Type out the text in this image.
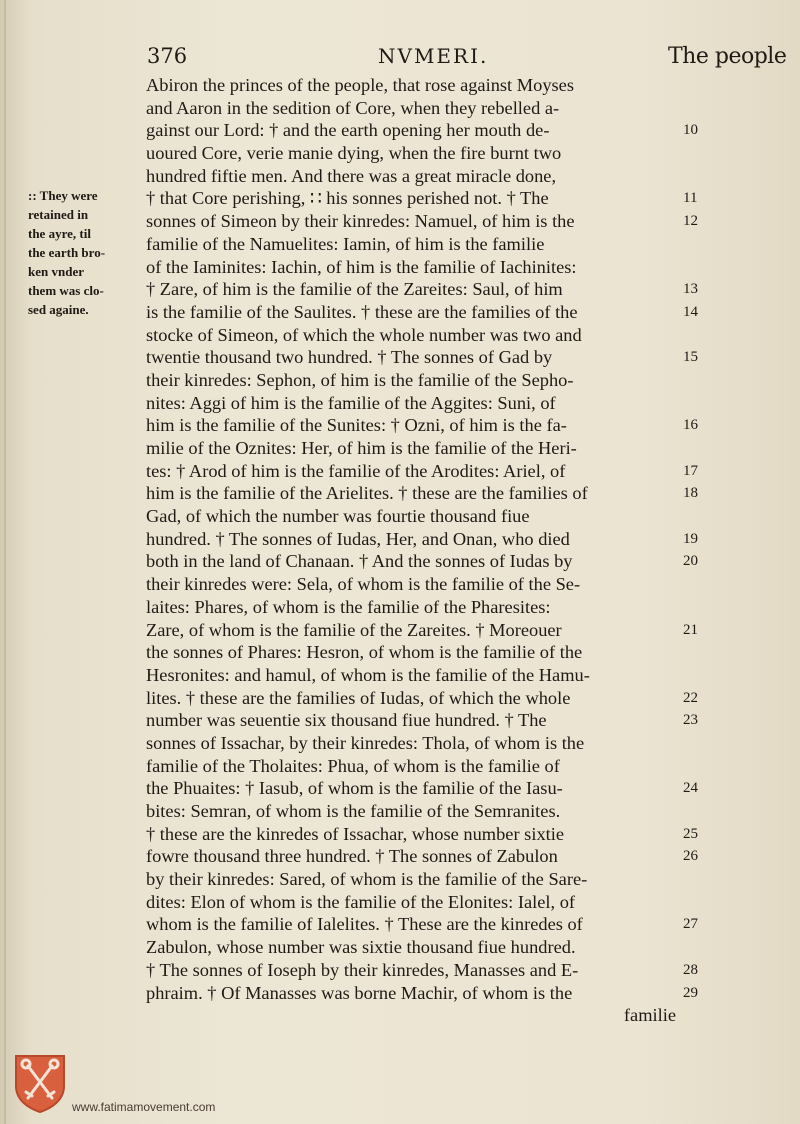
376	NVMERI.	The people
:: They were
retained in
the ayre, til
the earth bro-
ken vnder
them was clo-
sed againe.
Abiron the princes of the people, that rose against Moyses
and Aaron in the sedition of Core, when they rebelled a-
gainst our Lord: † and the earth opening her mouth de-
uoured Core, verie manie dying, when the fire burnt two
hundred fiftie men. And there was a great miracle done,
† that Core perishing, ∷ his sonnes perished not. † The
sonnes of Simeon by their kinredes: Namuel, of him is the
familie of the Namuelites: Iamin, of him is the familie
of the Iaminites: Iachin, of him is the familie of Iachinites:
† Zare, of him is the familie of the Zareites: Saul, of him
is the familie of the Saulites. † these are the families of the
stocke of Simeon, of which the whole number was two and
twentie thousand two hundred. † The sonnes of Gad by
their kinredes: Sephon, of him is the familie of the Sepho-
nites: Aggi of him is the familie of the Aggites: Suni, of
him is the familie of the Sunites: † Ozni, of him is the fa-
milie of the Oznites: Her, of him is the familie of the Heri-
tes: † Arod of him is the familie of the Arodites: Ariel, of
him is the familie of the Arielites. † these are the families of
Gad, of which the number was fourtie thousand fiue
hundred. † The sonnes of Iudas, Her, and Onan, who died
both in the land of Chanaan. † And the sonnes of Iudas by
their kinredes were: Sela, of whom is the familie of the Se-
laites: Phares, of whom is the familie of the Pharesites:
Zare, of whom is the familie of the Zareites. † Moreouer
the sonnes of Phares: Hesron, of whom is the familie of the
Hesronites: and hamul, of whom is the familie of the Hamu-
lites. † these are the families of Iudas, of which the whole
number was seuentie six thousand fiue hundred. † The
sonnes of Issachar, by their kinredes: Thola, of whom is the
familie of the Tholaites: Phua, of whom is the familie of
the Phuaites: † Iasub, of whom is the familie of the Iasu-
bites: Semran, of whom is the familie of the Semranites.
† these are the kinredes of Issachar, whose number sixtie
fowre thousand three hundred. † The sonnes of Zabulon
by their kinredes: Sared, of whom is the familie of the Sare-
dites: Elon of whom is the familie of the Elonites: Ialel, of
whom is the familie of Ialelites. † These are the kinredes of
Zabulon, whose number was sixtie thousand fiue hundred.
† The sonnes of Ioseph by their kinredes, Manasses and E-
phraim. † Of Manasses was borne Machir, of whom is the
familie
10
11
12
13
14
15
16
17
18
19
20
21
22
23
24
25
26
27
28
29
www.fatimamovement.com
